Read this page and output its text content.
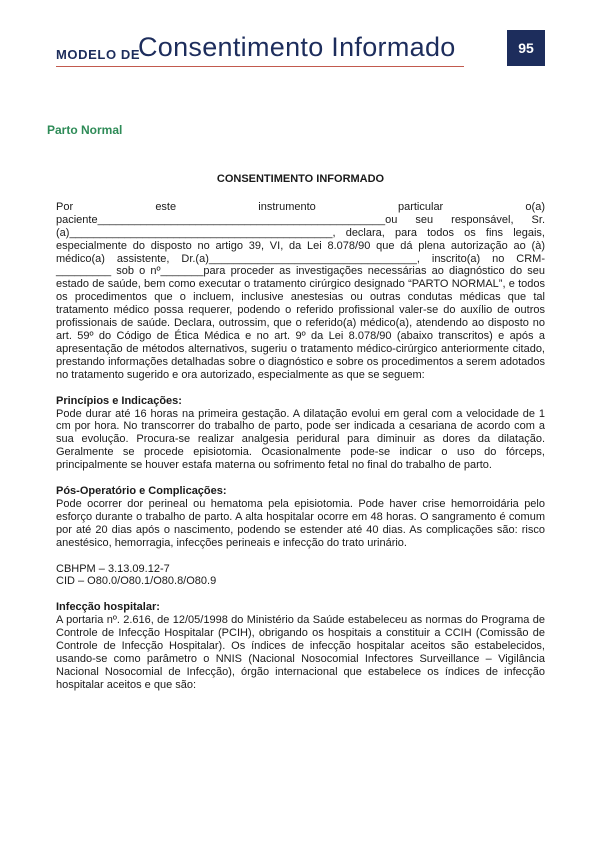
MODELO DE
Consentimento Informado	95
Parto Normal

CONSENTIMENTO INFORMADO

Por este instrumento particular o(a) paciente_______________________________________________ou seu responsável, Sr.(a)___________________________________________, declara, para todos os fins legais, especialmente do disposto no artigo 39, VI, da Lei 8.078/90 que dá plena autorização ao (à) médico(a) assistente, Dr.(a)__________________________________, inscrito(a) no CRM-_________ sob o nº_______para proceder as investigações necessárias ao diagnóstico do seu estado de saúde, bem como executar o tratamento cirúrgico designado “PARTO NORMAL”, e todos os procedimentos que o incluem, inclusive anestesias ou outras condutas médicas que tal tratamento médico possa requerer, podendo o referido profissional valer-se do auxílio de outros profissionais de saúde. Declara, outrossim, que o referido(a) médico(a), atendendo ao disposto no art. 59º do Código de Ética Médica e no art. 9º da Lei 8.078/90 (abaixo transcritos) e após a apresentação de métodos alternativos, sugeriu o tratamento médico-cirúrgico anteriormente citado, prestando informações detalhadas sobre o diagnóstico e sobre os procedimentos a serem adotados no tratamento sugerido e ora autorizado, especialmente as que se seguem:

Princípios e Indicações:

Pode durar até 16 horas na primeira gestação. A dilatação evolui em geral com a velocidade de 1 cm por hora. No transcorrer do trabalho de parto, pode ser indicada a cesariana de acordo com a sua evolução. Procura-se realizar analgesia peridural para diminuir as dores da dilatação. Geralmente se procede episiotomia. Ocasionalmente pode-se indicar o uso do fórceps, principalmente se houver estafa materna ou sofrimento fetal no final do trabalho de parto.

Pós-Operatório e Complicações:

Pode ocorrer dor perineal ou hematoma pela episiotomia. Pode haver crise hemorroidária pelo esforço durante o trabalho de parto. A alta hospitalar ocorre em 48 horas. O sangramento é comum por até 20 dias após o nascimento, podendo se estender até 40 dias. As complicações são: risco anestésico, hemorragia, infecções perineais e infecção do trato urinário.

CBHPM – 3.13.09.12-7
CID – O80.0/O80.1/O80.8/O80.9
Infecção hospitalar:

A portaria nº. 2.616, de 12/05/1998 do Ministério da Saúde estabeleceu as normas do Programa de Controle de Infecção Hospitalar (PCIH), obrigando os hospitais a constituir a CCIH (Comissão de Controle de Infecção Hospitalar). Os índices de infecção hospitalar aceitos são estabelecidos, usando-se como parâmetro o NNIS (Nacional Nosocomial Infectores Surveillance – Vigilância Nacional Nosocomial de Infecção), órgão internacional que estabelece os índices de infecção hospitalar aceitos e que são:
